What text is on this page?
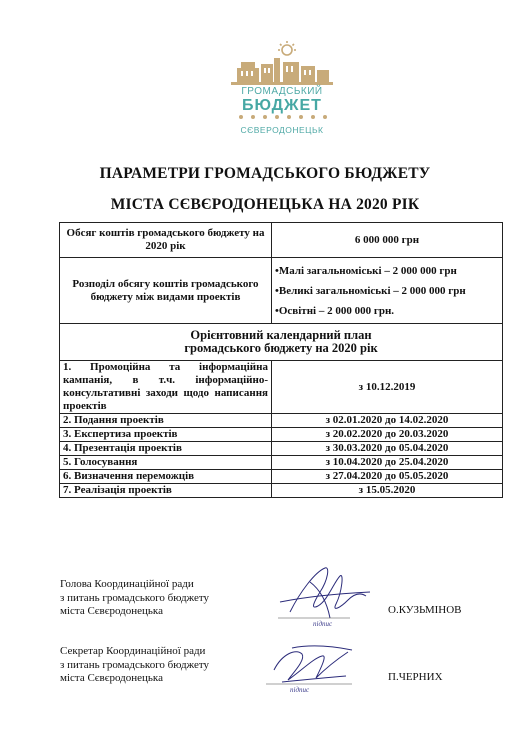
ГРОМАДСЬКИЙ
БЮДЖЕТ
СЄВЕРОДОНЕЦЬК
ПАРАМЕТРИ ГРОМАДСЬКОГО БЮДЖЕТУ
МІСТА СЄВЄРОДОНЕЦЬКА НА 2020 РІК
Обсяг коштів громадського бюджету на 2020 рік	6 000 000 грн
Розподіл обсягу коштів громадського бюджету між видами проектів	•Малі загальноміські – 2 000 000 грн
•Великі загальноміські – 2 000 000 грн
•Освітні – 2 000 000 грн.

Орієнтовний календарний план
громадського бюджету на 2020 рік	

1. Промоційна та інформаційна кампанія, в т.ч. інформаційно-консультативні заходи щодо написання проектів	з 10.12.2019
2. Подання проектів	з 02.01.2020 до 14.02.2020
3. Експертиза проектів	з 20.02.2020 до 20.03.2020
4. Презентація проектів	з 30.03.2020 до 05.04.2020
5. Голосування	з 10.04.2020 до 25.04.2020
6. Визначення переможців	з 27.04.2020 до 05.05.2020
7. Реалізація проектів	з 15.05.2020
Голова Координаційної ради
з питань громадського бюджету
міста Сєвєродонецька
підпис
О.КУЗЬМІНОВ
Секретар Координаційної ради
з питань громадського бюджету
міста Сєвєродонецька
підпис
П.ЧЕРНИХ
